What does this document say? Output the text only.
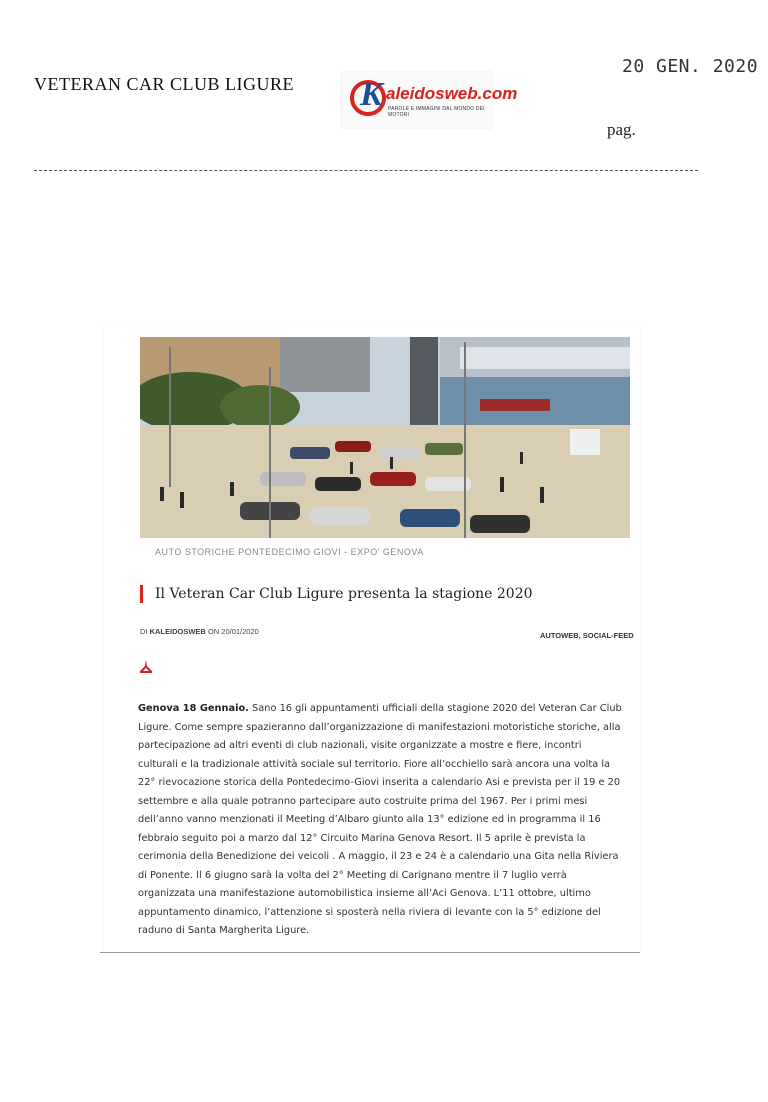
VETERAN CAR CLUB LIGURE K aleidosweb.com
PAROLE E IMMAGINI DAL MONDO DEI MOTORI
20 GEN. 2020
pag.
AUTO STORICHE PONTEDECIMO GIOVI - EXPO' GENOVA
Il Veteran Car Club Ligure presenta la stagione 2020
DI KALEIDOSWEB ON 20/01/2020	AUTOWEB, SOCIAL-FEED
Genova 18 Gennaio. Sano 16 gli appuntamenti ufficiali della stagione 2020 del Veteran Car Club Ligure. Come sempre spazieranno dall’organizzazione di manifestazioni motoristiche storiche, alla partecipazione ad altri eventi di club nazionali, visite organizzate a mostre e fiere, incontri culturali e la tradizionale attività sociale sul territorio. Fiore all’occhiello sarà ancora una volta la 22° rievocazione storica della Pontedecimo-Giovi inserita a calendario Asi e prevista per il 19 e 20 settembre e alla quale potranno partecipare auto costruite prima del 1967. Per i primi mesi dell’anno vanno menzionati il Meeting d’Albaro giunto alla 13° edizione ed in programma il 16 febbraio seguito poi a marzo dal 12° Circuito Marina Genova Resort. Il 5 aprile è prevista la cerimonia della Benedizione dei veicoli . A maggio, il 23 e 24 è a calendario una Gita nella Riviera di Ponente. Il 6 giugno sarà la volta del 2° Meeting di Carignano mentre il 7 luglio verrà organizzata una manifestazione automobilistica insieme all’Aci Genova. L’11 ottobre, ultimo appuntamento dinamico, l’attenzione si sposterà nella riviera di levante con la 5° edizione del raduno di Santa Margherita Ligure.
